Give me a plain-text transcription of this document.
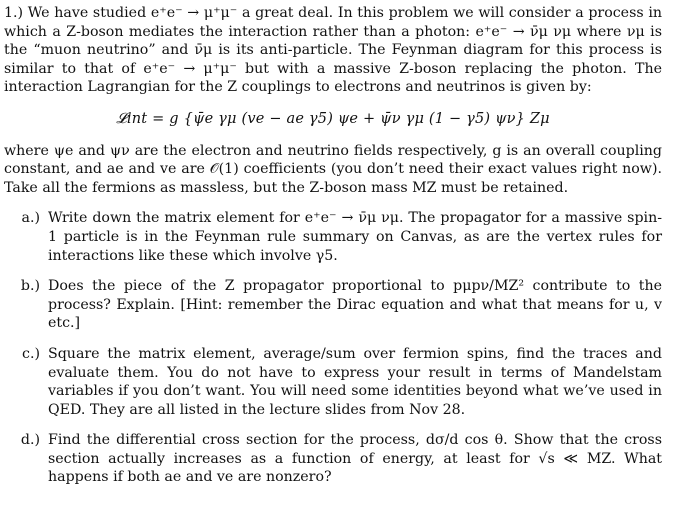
1.) We have studied e⁺e⁻ → μ⁺μ⁻ a great deal. In this problem we will consider a process in which a Z-boson mediates the interaction rather than a photon: e⁺e⁻ → ν̄μ νμ where νμ is the “muon neutrino” and ν̄μ is its anti-particle. The Feynman diagram for this process is similar to that of e⁺e⁻ → μ⁺μ⁻ but with a massive Z-boson replacing the photon. The interaction Lagrangian for the Z couplings to electrons and neutrinos is given by:

𝓛int = g {ψ̄e γμ (ve − ae γ5) ψe + ψ̄ν γμ (1 − γ5) ψν} Zμ

where ψe and ψν are the electron and neutrino fields respectively, g is an overall coupling constant, and ae and ve are 𝒪(1) coefficients (you don’t need their exact values right now). Take all the fermions as massless, but the Z-boson mass MZ must be retained.

a.) Write down the matrix element for e⁺e⁻ → ν̄μ νμ. The propagator for a massive spin-1 particle is in the Feynman rule summary on Canvas, as are the vertex rules for interactions like these which involve γ5.
b.) Does the piece of the Z propagator proportional to pμpν/MZ² contribute to the process? Explain. [Hint: remember the Dirac equation and what that means for u, v etc.]
c.) Square the matrix element, average/sum over fermion spins, find the traces and evaluate them. You do not have to express your result in terms of Mandelstam variables if you don’t want. You will need some identities beyond what we’ve used in QED. They are all listed in the lecture slides from Nov 28.
d.) Find the differential cross section for the process, dσ/d cos θ. Show that the cross section actually increases as a function of energy, at least for √s ≪ MZ. What happens if both ae and ve are nonzero?
